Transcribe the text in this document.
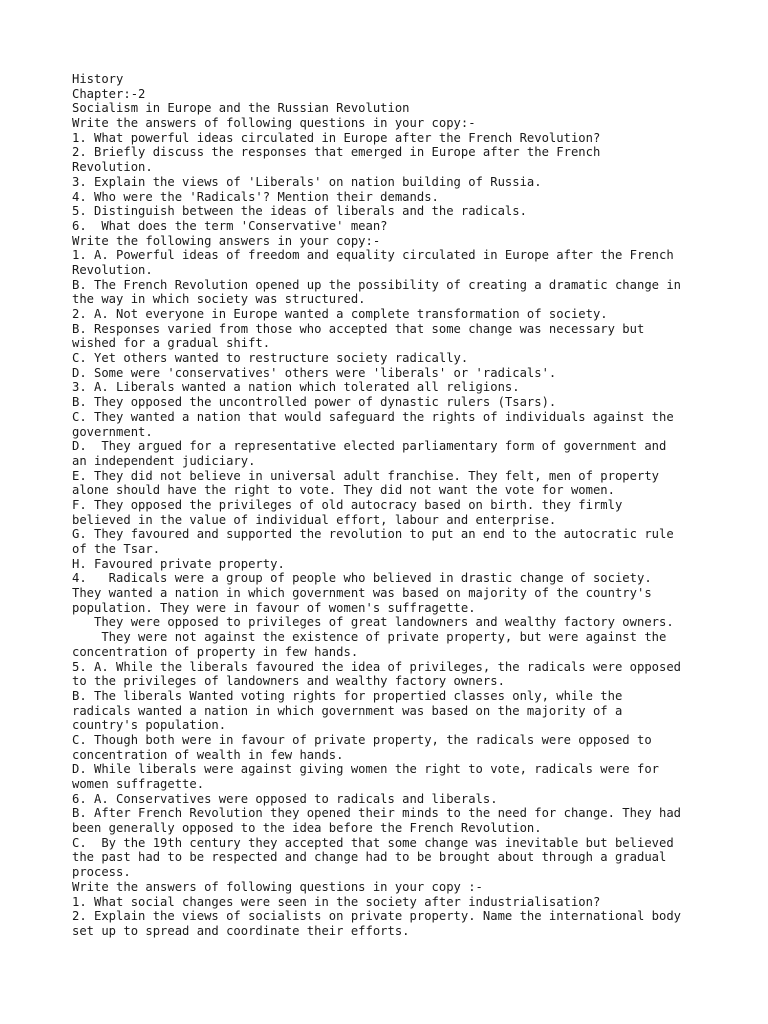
History
Chapter:-2
Socialism in Europe and the Russian Revolution
Write the answers of following questions in your copy:-
1. What powerful ideas circulated in Europe after the French Revolution?
2. Briefly discuss the responses that emerged in Europe after the French
Revolution.
3. Explain the views of 'Liberals' on nation building of Russia.
4. Who were the 'Radicals'? Mention their demands.
5. Distinguish between the ideas of liberals and the radicals.
6.  What does the term 'Conservative' mean?
Write the following answers in your copy:-
1. A. Powerful ideas of freedom and equality circulated in Europe after the French
Revolution.
B. The French Revolution opened up the possibility of creating a dramatic change in
the way in which society was structured.
2. A. Not everyone in Europe wanted a complete transformation of society.
B. Responses varied from those who accepted that some change was necessary but
wished for a gradual shift.
C. Yet others wanted to restructure society radically.
D. Some were 'conservatives' others were 'liberals' or 'radicals'.
3. A. Liberals wanted a nation which tolerated all religions.
B. They opposed the uncontrolled power of dynastic rulers (Tsars).
C. They wanted a nation that would safeguard the rights of individuals against the
government.
D.  They argued for a representative elected parliamentary form of government and
an independent judiciary.
E. They did not believe in universal adult franchise. They felt, men of property
alone should have the right to vote. They did not want the vote for women.
F. They opposed the privileges of old autocracy based on birth. they firmly
believed in the value of individual effort, labour and enterprise.
G. They favoured and supported the revolution to put an end to the autocratic rule
of the Tsar.
H. Favoured private property.
4.   Radicals were a group of people who believed in drastic change of society.
They wanted a nation in which government was based on majority of the country's
population. They were in favour of women's suffragette.
They were opposed to privileges of great landowners and wealthy factory owners.
They were not against the existence of private property, but were against the
concentration of property in few hands.
5. A. While the liberals favoured the idea of privileges, the radicals were opposed
to the privileges of landowners and wealthy factory owners.
B. The liberals Wanted voting rights for propertied classes only, while the
radicals wanted a nation in which government was based on the majority of a
country's population.
C. Though both were in favour of private property, the radicals were opposed to
concentration of wealth in few hands.
D. While liberals were against giving women the right to vote, radicals were for
women suffragette.
6. A. Conservatives were opposed to radicals and liberals.
B. After French Revolution they opened their minds to the need for change. They had
been generally opposed to the idea before the French Revolution.
C.  By the 19th century they accepted that some change was inevitable but believed
the past had to be respected and change had to be brought about through a gradual
process.
Write the answers of following questions in your copy :-
1. What social changes were seen in the society after industrialisation?
2. Explain the views of socialists on private property. Name the international body
set up to spread and coordinate their efforts.
